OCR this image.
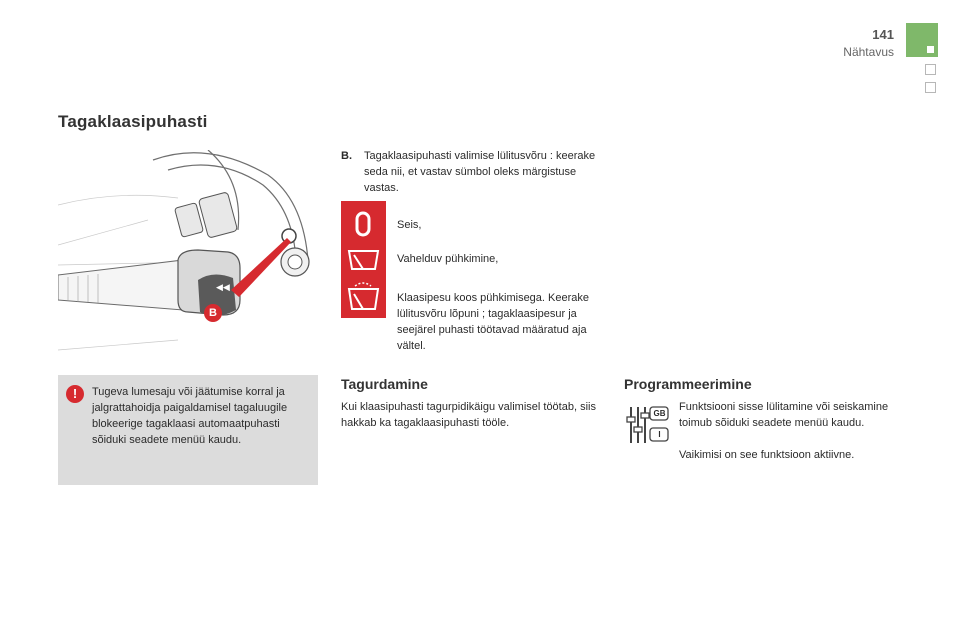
141
Nähtavus
Tagaklaasipuhasti
◀◀
B
B. Tagaklaasipuhasti valimise lülitusvõru : keerake seda nii, et vastav sümbol oleks märgistuse vastas.
Seis,
Vahelduv pühkimine,
Klaasipesu koos pühkimisega. Keerake lülitusvõru lõpuni ; tagaklaasipesur ja seejärel puhasti töötavad määratud aja vältel.
!	Tugeva lumesaju või jäätumise korral ja jalgrattahoidja paigaldamisel tagaluugile blokeerige tagaklaasi automaatpuhasti sõiduki seadete menüü kaudu.
Tagurdamine
Kui klaasipuhasti tagurpidikäigu valimisel töötab, siis hakkab ka tagaklaasipuhasti tööle.
Programmeerimine
GB
I
Funktsiooni sisse lülitamine või seiskamine toimub sõiduki seadete menüü kaudu.
Vaikimisi on see funktsioon aktiivne.
